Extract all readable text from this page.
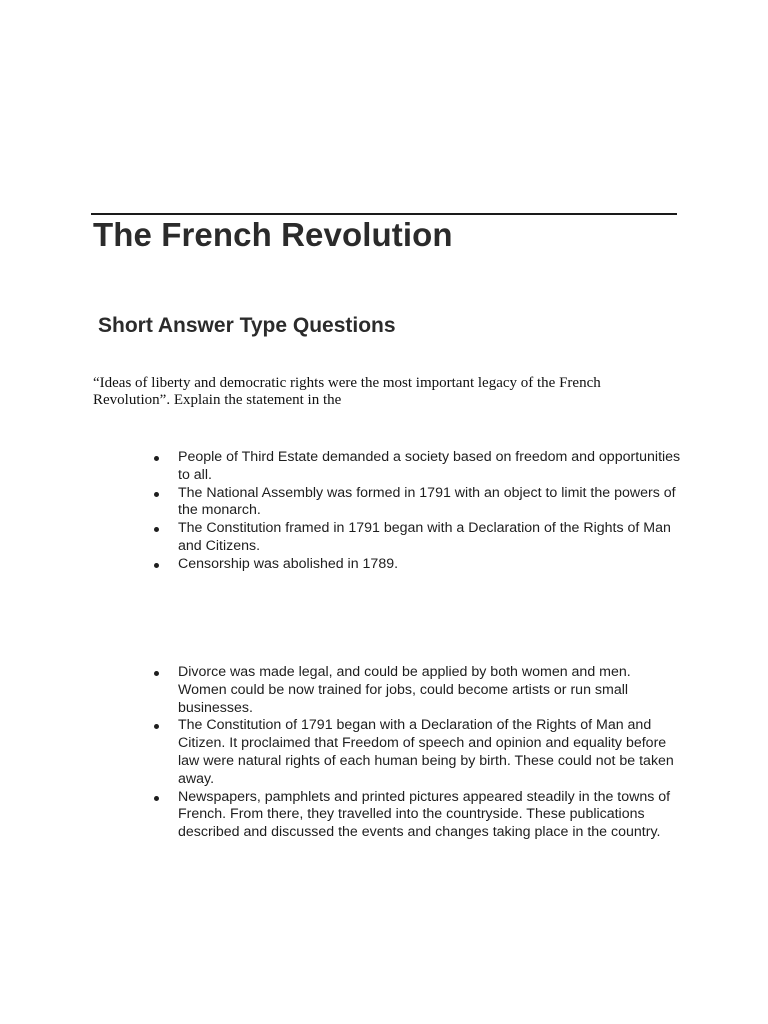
The French Revolution
Short Answer Type Questions

“Ideas of liberty and democratic rights were the most important legacy of the French Revolution”. Explain the statement in the

People of Third Estate demanded a society based on freedom and opportunities to all.
The National Assembly was formed in 1791 with an object to limit the powers of the monarch.
The Constitution framed in 1791 began with a Declaration of the Rights of Man and Citizens.
Censorship was abolished in 1789.
Divorce was made legal, and could be applied by both women and men. Women could be now trained for jobs, could become artists or run small businesses.
The Constitution of 1791 began with a Declaration of the Rights of Man and Citizen. It proclaimed that Freedom of speech and opinion and equality before law were natural rights of each human being by birth. These could not be taken away.
Newspapers, pamphlets and printed pictures appeared steadily in the towns of French. From there, they travelled into the countryside. These publications described and discussed the events and changes taking place in the country.
